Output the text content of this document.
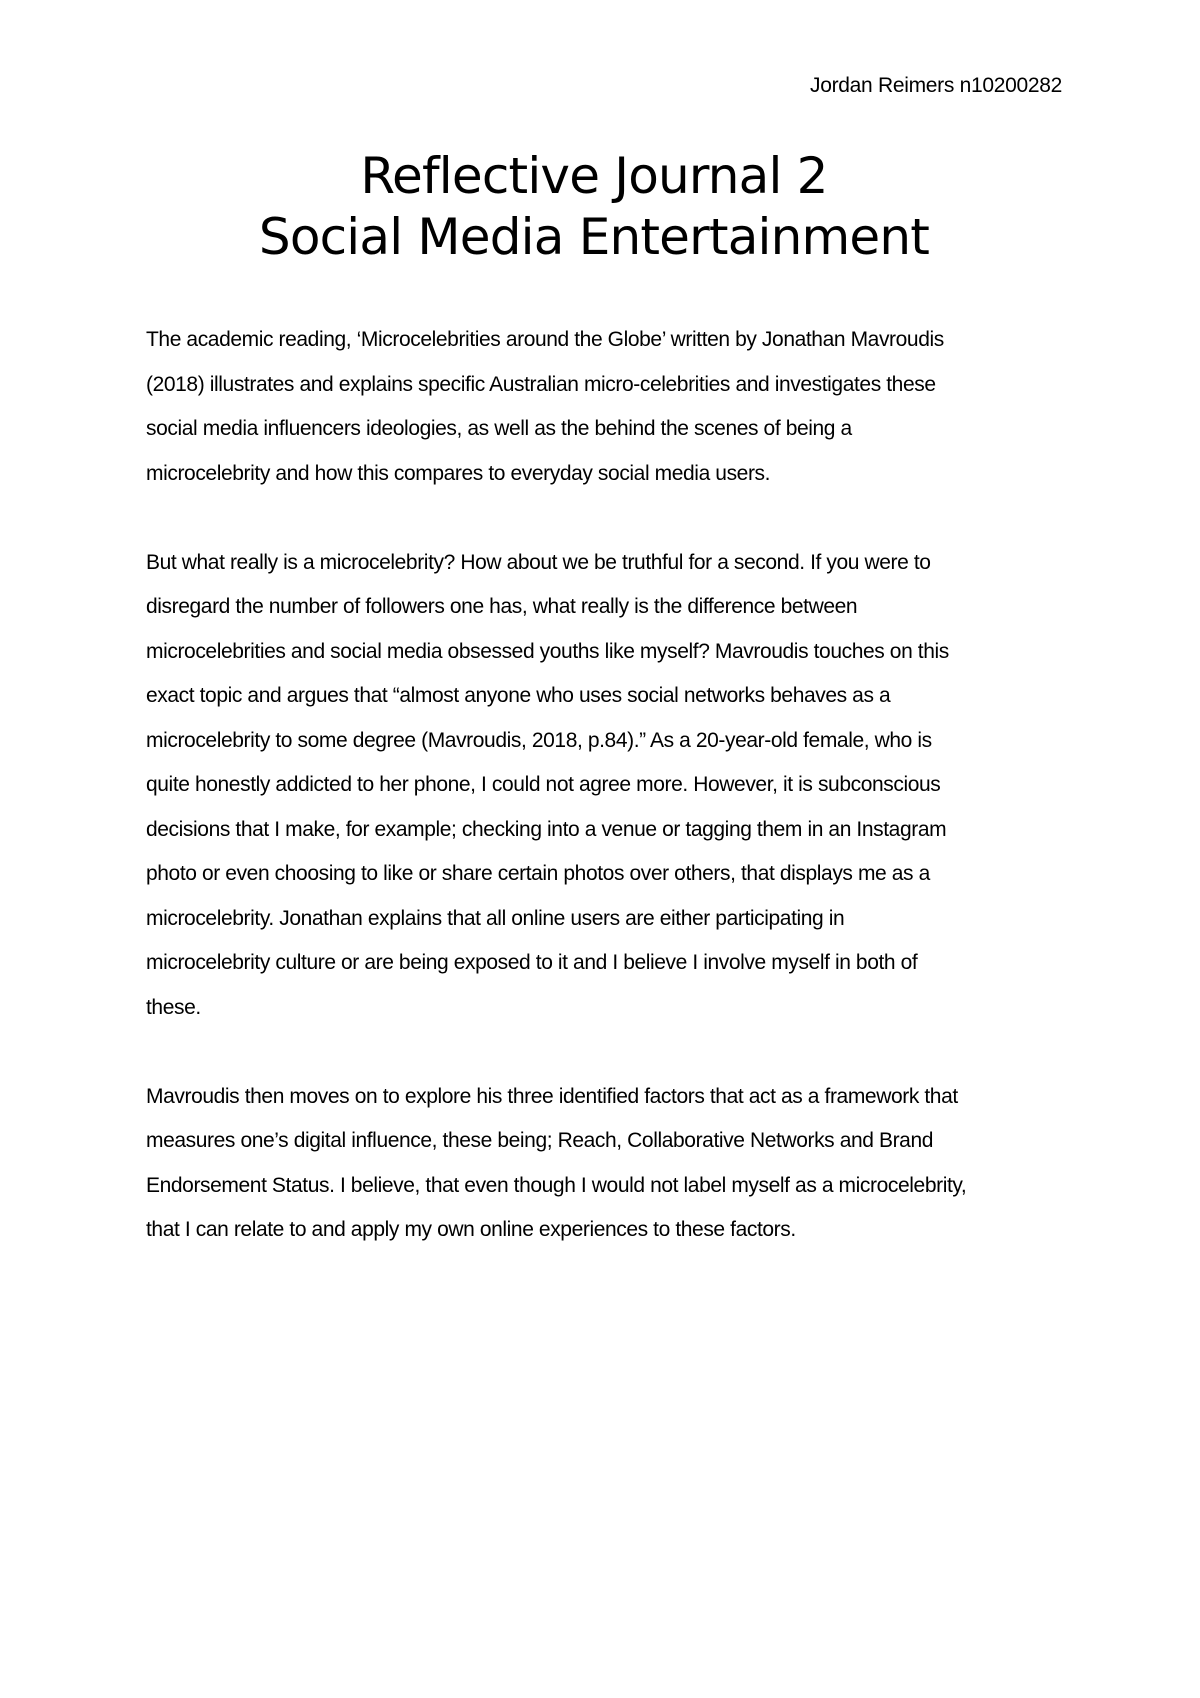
Jordan Reimers n10200282
Reflective Journal 2
Social Media Entertainment
The academic reading, ‘Microcelebrities around the Globe’ written by Jonathan Mavroudis
(2018) illustrates and explains specific Australian micro-celebrities and investigates these
social media influencers ideologies, as well as the behind the scenes of being a
microcelebrity and how this compares to everyday social media users.
But what really is a microcelebrity? How about we be truthful for a second. If you were to
disregard the number of followers one has, what really is the difference between
microcelebrities and social media obsessed youths like myself? Mavroudis touches on this
exact topic and argues that “almost anyone who uses social networks behaves as a
microcelebrity to some degree (Mavroudis, 2018, p.84).” As a 20-year-old female, who is
quite honestly addicted to her phone, I could not agree more. However, it is subconscious
decisions that I make, for example; checking into a venue or tagging them in an Instagram
photo or even choosing to like or share certain photos over others, that displays me as a
microcelebrity. Jonathan explains that all online users are either participating in
microcelebrity culture or are being exposed to it and I believe I involve myself in both of
these.
Mavroudis then moves on to explore his three identified factors that act as a framework that
measures one’s digital influence, these being; Reach, Collaborative Networks and Brand
Endorsement Status. I believe, that even though I would not label myself as a microcelebrity,
that I can relate to and apply my own online experiences to these factors.
